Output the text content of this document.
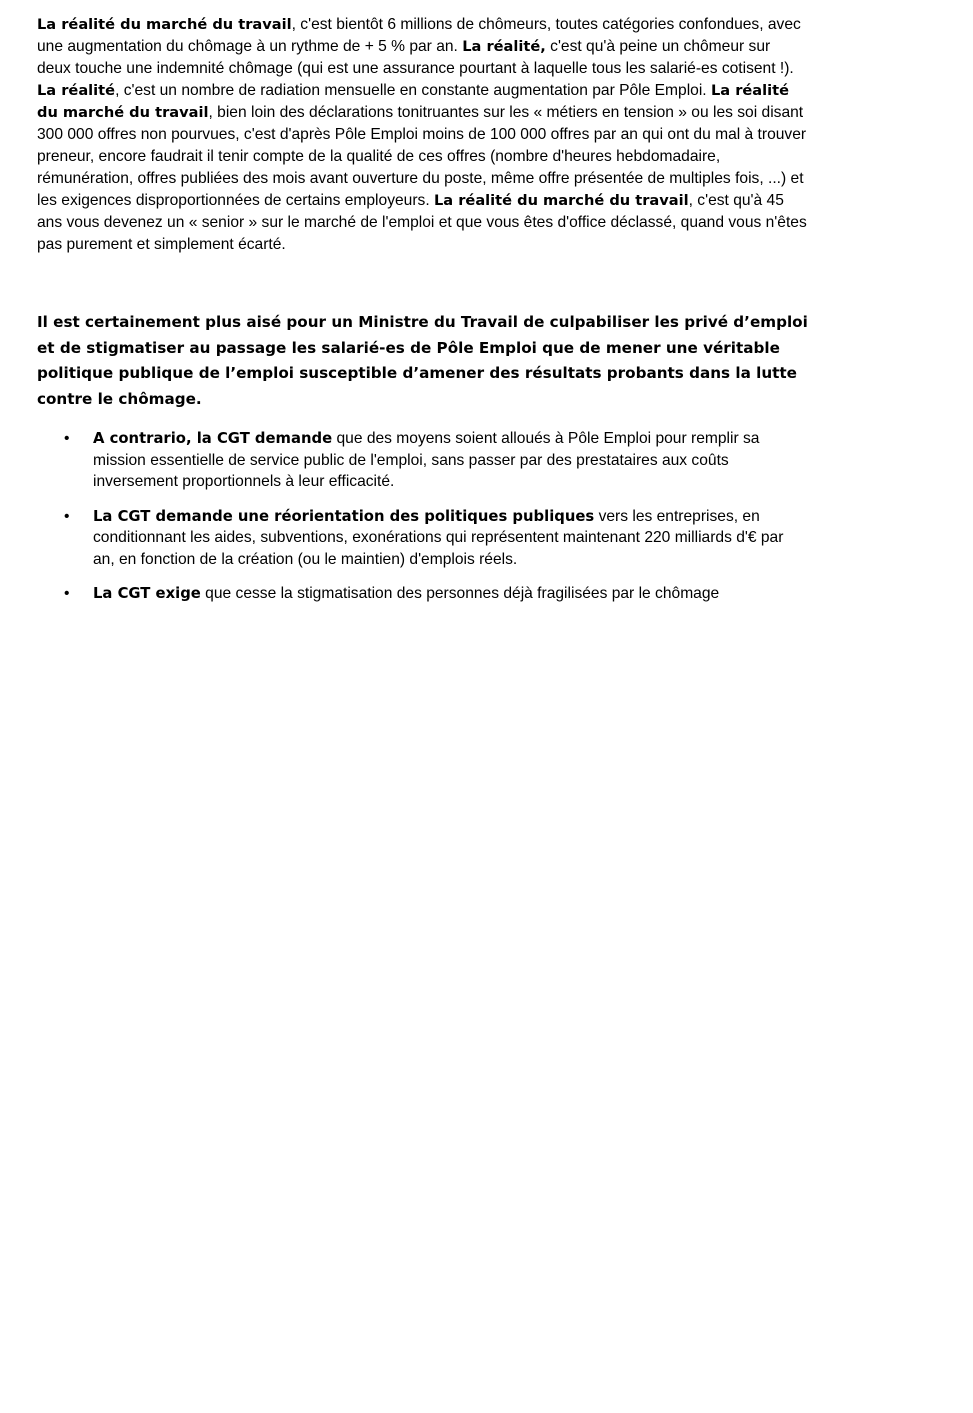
La réalité du marché du travail, c'est bientôt 6 millions de chômeurs, toutes catégories confondues, avec une augmentation du chômage à un rythme de + 5 % par an. La réalité, c'est qu'à peine un chômeur sur deux touche une indemnité chômage (qui est une assurance pourtant à laquelle tous les salarié-es cotisent !). La réalité, c'est un nombre de radiation mensuelle en constante augmentation par Pôle Emploi. La réalité du marché du travail, bien loin des déclarations tonitruantes sur les « métiers en tension » ou les soi disant 300 000 offres non pourvues, c'est d'après Pôle Emploi moins de 100 000 offres par an qui ont du mal à trouver preneur, encore faudrait il tenir compte de la qualité de ces offres (nombre d'heures hebdomadaire, rémunération, offres publiées des mois avant ouverture du poste, même offre présentée de multiples fois, ...) et les exigences disproportionnées de certains employeurs. La réalité du marché du travail, c'est qu'à 45 ans vous devenez un « senior » sur le marché de l'emploi et que vous êtes d'office déclassé, quand vous n'êtes pas purement et simplement écarté.

Il est certainement plus aisé pour un Ministre du Travail de culpabiliser les privé d’emploi et de stigmatiser au passage les salarié-es de Pôle Emploi que de mener une véritable politique publique de l’emploi susceptible d’amener des résultats probants dans la lutte contre le chômage.

• A contrario, la CGT demande que des moyens soient alloués à Pôle Emploi pour remplir sa mission essentielle de service public de l'emploi, sans passer par des prestataires aux coûts inversement proportionnels à leur efficacité.
• La CGT demande une réorientation des politiques publiques vers les entreprises, en conditionnant les aides, subventions, exonérations qui représentent maintenant 220 milliards d'€ par an, en fonction de la création (ou le maintien) d'emplois réels.
• La CGT exige que cesse la stigmatisation des personnes déjà fragilisées par le chômage
